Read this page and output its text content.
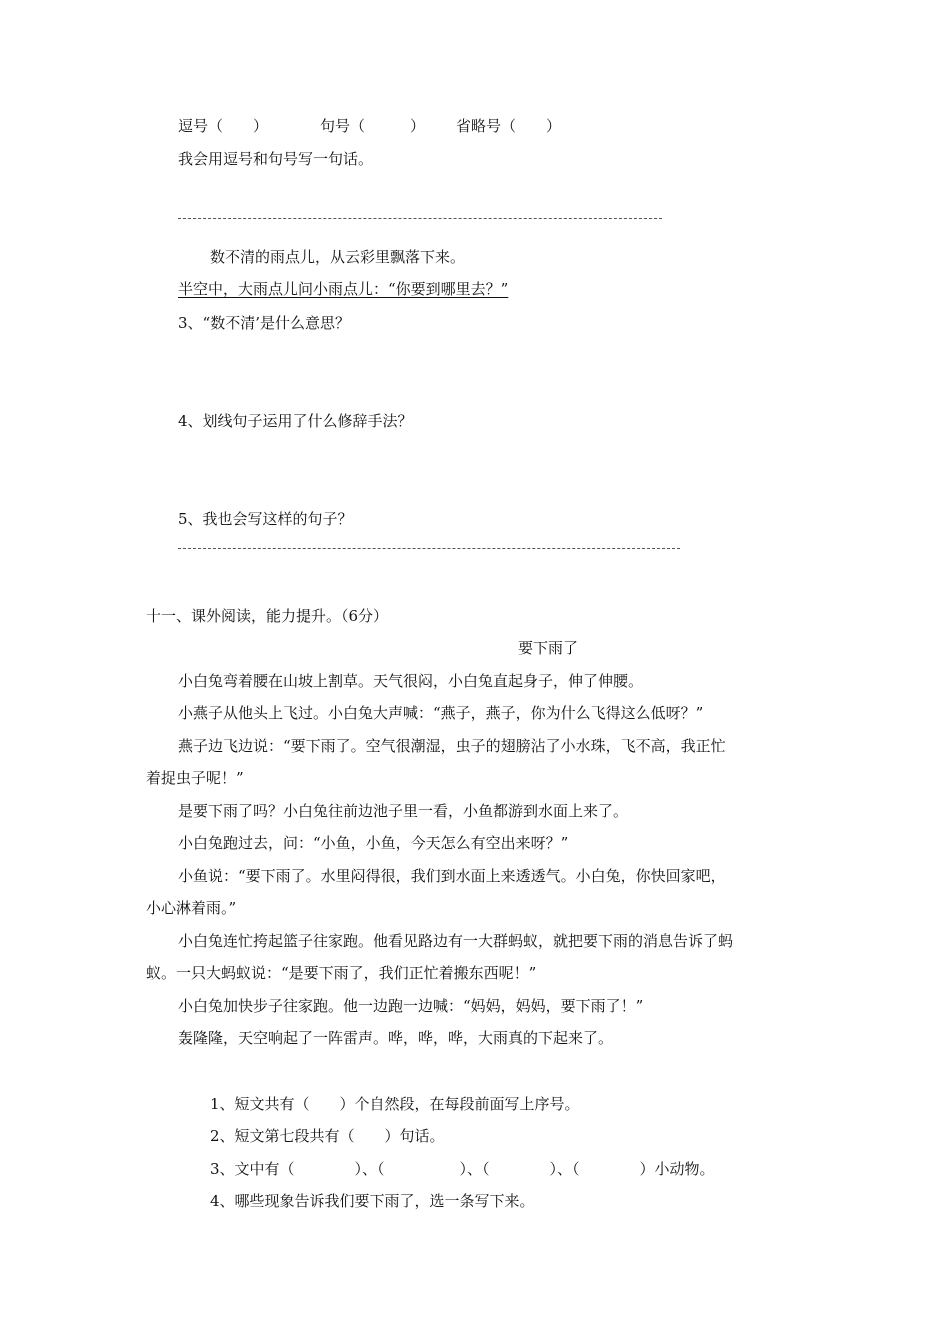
逗号（　　）	句号（　　　） 省略号（　　）
我会用逗号和句号写一句话。
数不清的雨点儿，从云彩里飘落下来。
半空中，大雨点儿问小雨点儿：“你要到哪里去？”
3、“数不清’是什么意思？
4、划线句子运用了什么修辞手法？
5、我也会写这样的句子？
十一、课外阅读，能力提升。（6分）
要下雨了
小白兔弯着腰在山坡上割草。天气很闷，小白兔直起身子，伸了伸腰。
小燕子从他头上飞过。小白兔大声喊：“燕子，燕子，你为什么飞得这么低呀？”
燕子边飞边说：“要下雨了。空气很潮湿，虫子的翅膀沾了小水珠，飞不高，我正忙
着捉虫子呢！”
是要下雨了吗？小白兔往前边池子里一看，小鱼都游到水面上来了。
小白兔跑过去，问：“小鱼，小鱼，今天怎么有空出来呀？”
小鱼说：“要下雨了。水里闷得很，我们到水面上来透透气。小白兔，你快回家吧，
小心淋着雨。”
小白兔连忙挎起篮子往家跑。他看见路边有一大群蚂蚁，就把要下雨的消息告诉了蚂
蚁。一只大蚂蚁说：“是要下雨了，我们正忙着搬东西呢！”
小白兔加快步子往家跑。他一边跑一边喊：“妈妈，妈妈，要下雨了！”
轰隆隆，天空响起了一阵雷声。哗，哗，哗，大雨真的下起来了。
1、短文共有（　　）个自然段，在每段前面写上序号。
2、短文第七段共有（　　）句话。
3、文中有（　　　　）、（　　　　　）、（　　　　）、（　　　　）小动物。
4、哪些现象告诉我们要下雨了，选一条写下来。
